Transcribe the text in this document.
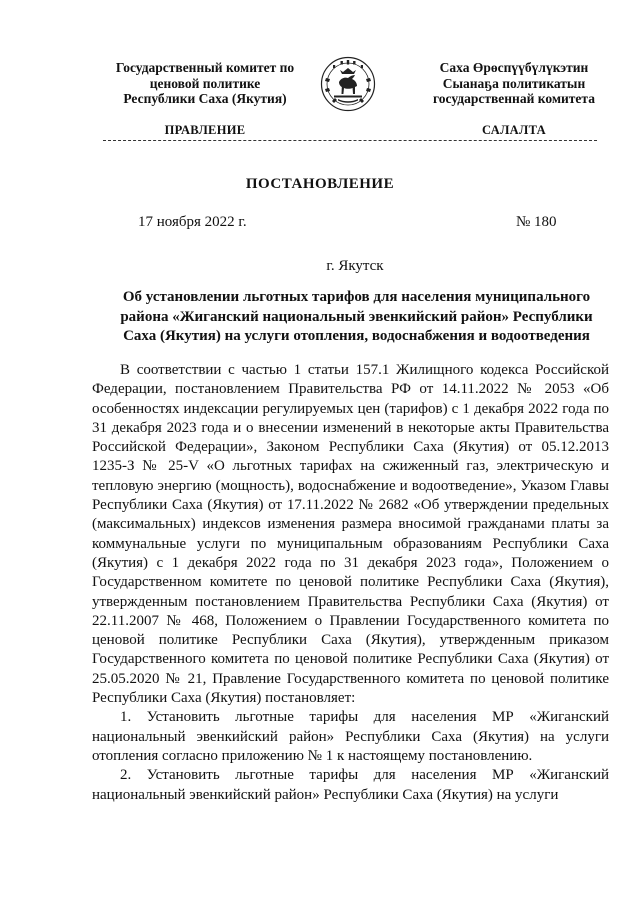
Государственный комитет по
ценовой политике
Республики Саха (Якутия)
Саха Өрөспүүбүлүкэтин
Сыанаҕа политикатын
государственнай комитета
ПРАВЛЕНИЕ	САЛАЛТА
ПОСТАНОВЛЕНИЕ
17 ноября 2022 г.	№ 180
г. Якутск
Об установлении льготных тарифов для населения муниципального района «Жиганский национальный эвенкийский район» Республики Саха (Якутия) на услуги отопления, водоснабжения и водоотведения

В соответствии с частью 1 статьи 157.1 Жилищного кодекса Российской Федерации, постановлением Правительства РФ от 14.11.2022 № 2053 «Об особенностях индексации регулируемых цен (тарифов) с 1 декабря 2022 года по 31 декабря 2023 года и о внесении изменений в некоторые акты Правительства Российской Федерации», Законом Республики Саха (Якутия) от 05.12.2013 1235-З № 25-V «О льготных тарифах на сжиженный газ, электрическую и тепловую энергию (мощность), водоснабжение и водоотведение», Указом Главы Республики Саха (Якутия) от 17.11.2022 № 2682 «Об утверждении предельных (максимальных) индексов изменения размера вносимой гражданами платы за коммунальные услуги по муниципальным образованиям Республики Саха (Якутия) с 1 декабря 2022 года по 31 декабря 2023 года», Положением о Государственном комитете по ценовой политике Республики Саха (Якутия), утвержденным постановлением Правительства Республики Саха (Якутия) от 22.11.2007 № 468, Положением о Правлении Государственного комитета по ценовой политике Республики Саха (Якутия), утвержденным приказом Государственного комитета по ценовой политике Республики Саха (Якутия) от 25.05.2020 № 21, Правление Государственного комитета по ценовой политике Республики Саха (Якутия) постановляет:

1. Установить льготные тарифы для населения МР «Жиганский национальный эвенкийский район» Республики Саха (Якутия) на услуги отопления согласно приложению № 1 к настоящему постановлению.

2. Установить льготные тарифы для населения МР «Жиганский национальный эвенкийский район» Республики Саха (Якутия) на услуги
